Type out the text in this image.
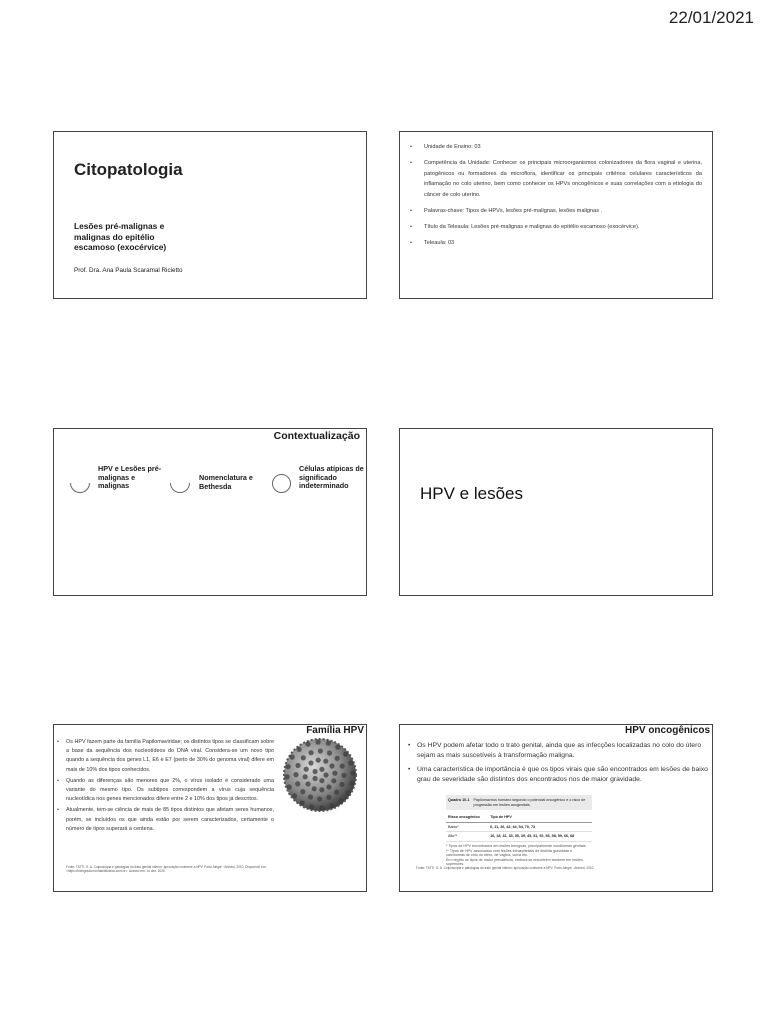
22/01/2021
Citopatologia
Lesões pré-malignas e malignas do epitélio escamoso (exocérvice)
Prof. Dra. Ana Paula Scaramal Ricietto
• Unidade de Ensino: 03
• Competência da Unidade: Conhecer os principais microorganismos colonizadores da flora vaginal e uterina, patogênicos ou formadores da microflora, identificar os principais critérios celulares característicos da inflamação no colo uterino, bem como conhecer os HPVs oncogênicos e suas correlações com a etiologia do câncer de colo uterino.
• Palavras-chave: Tipos de HPVs, lesões pré-malignas, lesões malignas .
• Título da Teleaula: Lesões pré-malignas e malignas do epitélio escamoso (exocérvice).
• Teleaula: 03
Contextualização
HPV e Lesões pré-malignas e malignas
Nomenclatura e Bethesda
Células atípicas de significado indeterminado	HPV e lesões
Família HPV
• Os HPV fazem parte da família Papilomaviridae; os distintos tipos se classificam sobre a base da sequência dos nucleotídeos do DNA viral. Considera-se um novo tipo quando a sequência dos genes L1, E6 e E7 (perto de 30% do genoma viral) difere em mais de 10% dos tipos conhecidos.
• Quando as diferenças são menores que 2%, o vírus isolado é considerado uma variante do mesmo tipo. Os subtipos correspondem a vírus cuja sequência nucleotídica nos genes mencionados difere entre 2 e 10% dos tipos já descritos.
• Atualmente, tem-se ciência de mais de 85 tipos distintos que afetam seres humanos, porém, se incluídos os que ainda estão por serem caracterizados, certamente o número de tipos superará a centena.
Fonte: TATTI, S. A. Colposcopia e patologias do trato genital inferior: aprovação conforme a NPV. Porto Alegre : Artmed, 2010. Disponível em: <https://intergrada.minhabiblioteca.com.br>. Acesso em: 14 dez. 2020.
HPV oncogênicos
• Os HPV podem afetar todo o trato genital, ainda que as infecções localizadas no colo do útero sejam as mais suscetíveis à transformação maligna.
• Uma característica de importância é que os tipos virais que são encontrados em lesões de baixo grau de severidade são distintos dos encontrados nos de maior gravidade.
Quadro 10-1 Papilomavírus humano segundo o potencial oncogênico e o risco de progressão em lesões anogenitais
Risco oncogênico	Tipo de HPV
Baixo*	6, 11, 26, 42, 44, 54, 70, 73
Alto**	16, 18, 31, 33, 35, 39, 45, 51, 52, 56, 58, 59, 66, 68
* Tipos de HPV encontrados em lesões benignas, principalmente condilomas genitais.
** Tipos de HPV associados com lesões intraepiteliais de distinta gravidade e carcinomas de colo do útero, de vagina, vulva etc.
Em negrito os tipos de maior prevalência, embora se encontrem também em lesões superiores.
Fonte: TATTI, S. A. Colposcopia e patologias do trato genital inferior: aprovação conforme a NPV. Porto Alegre : Artmed, 2010.
